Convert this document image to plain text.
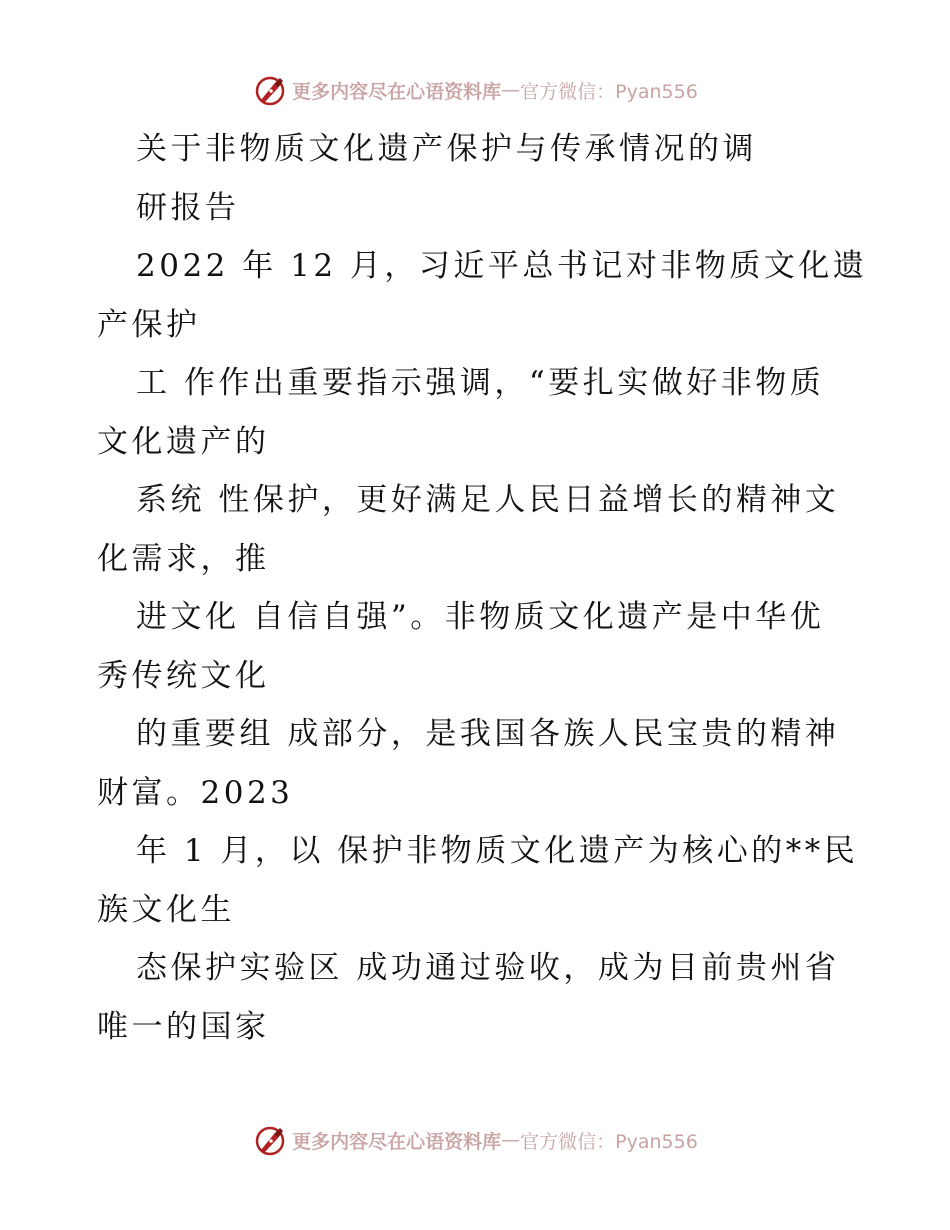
更多内容尽在心语资料库 — 官方微信：Pyan556
关于非物质文化遗产保护与传承情况的调
研报告
2022 年 12 月，习近平总书记对非物质文化遗
产保护
工 作作出重要指示强调，“要扎实做好非物质
文化遗产的
系统 性保护，更好满足人民日益增长的精神文
化需求，推
进文化 自信自强”。非物质文化遗产是中华优
秀传统文化
的重要组 成部分，是我国各族人民宝贵的精神
财富。2023
年 1 月，以 保护非物质文化遗产为核心的**民
族文化生
态保护实验区 成功通过验收，成为目前贵州省
唯一的国家
更多内容尽在心语资料库 — 官方微信：Pyan556
